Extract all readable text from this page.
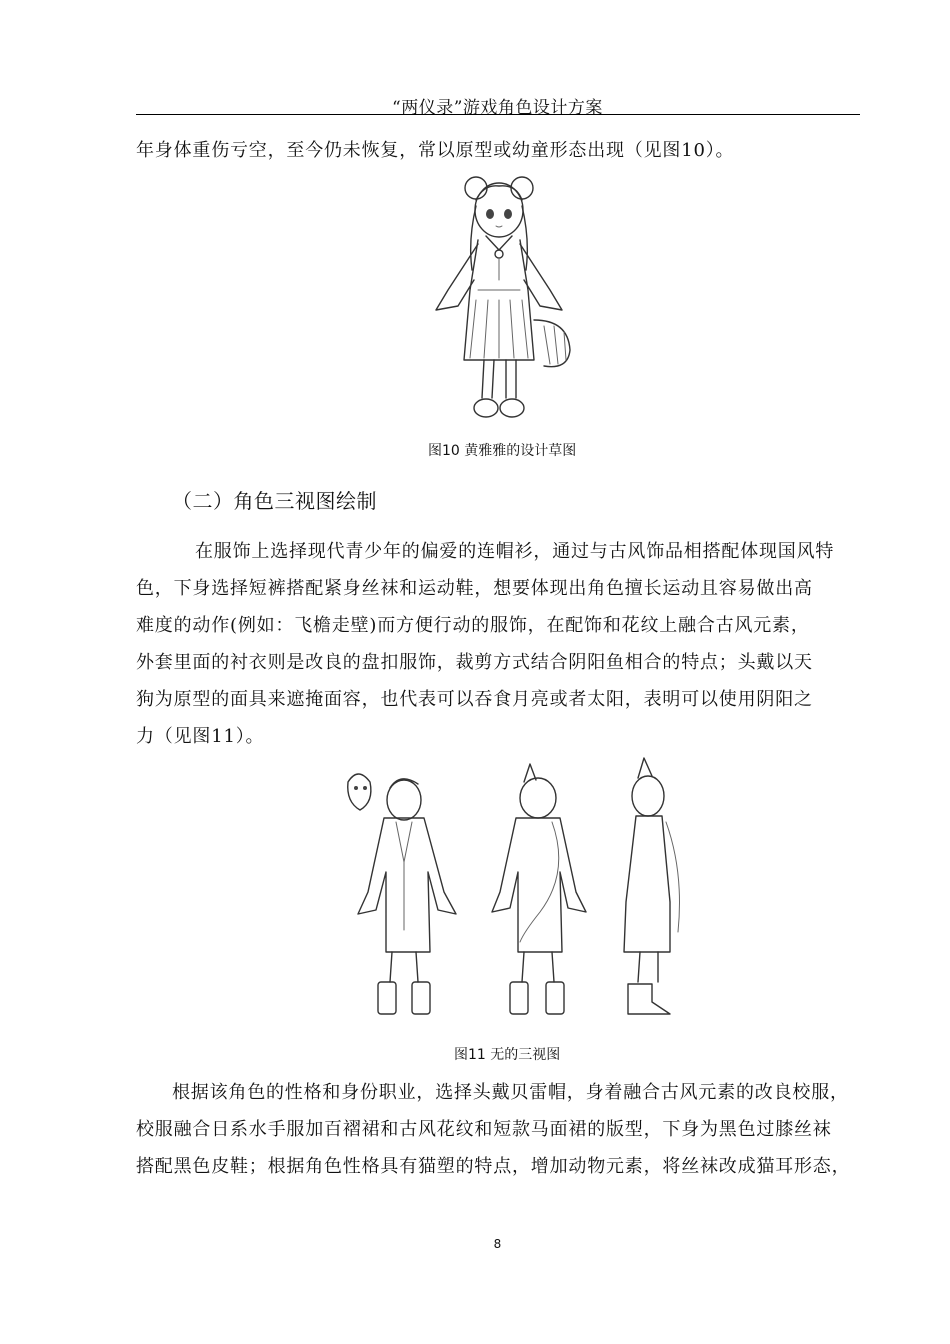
“两仪录”游戏角色设计方案
年身体重伤亏空，至今仍未恢复，常以原型或幼童形态出现（见图10）。
图10 黄雅雅的设计草图
（二）角色三视图绘制
在服饰上选择现代青少年的偏爱的连帽衫，通过与古风饰品相搭配体现国风特
色，下身选择短裤搭配紧身丝袜和运动鞋，想要体现出角色擅长运动且容易做出高
难度的动作(例如：飞檐走壁)而方便行动的服饰，在配饰和花纹上融合古风元素，
外套里面的衬衣则是改良的盘扣服饰，裁剪方式结合阴阳鱼相合的特点；头戴以天
狗为原型的面具来遮掩面容，也代表可以吞食月亮或者太阳，表明可以使用阴阳之
力（见图11）。
图11 无的三视图
根据该角色的性格和身份职业，选择头戴贝雷帽，身着融合古风元素的改良校服，
校服融合日系水手服加百褶裙和古风花纹和短款马面裙的版型，下身为黑色过膝丝袜
搭配黑色皮鞋；根据角色性格具有猫塑的特点，增加动物元素，将丝袜改成猫耳形态，
8
